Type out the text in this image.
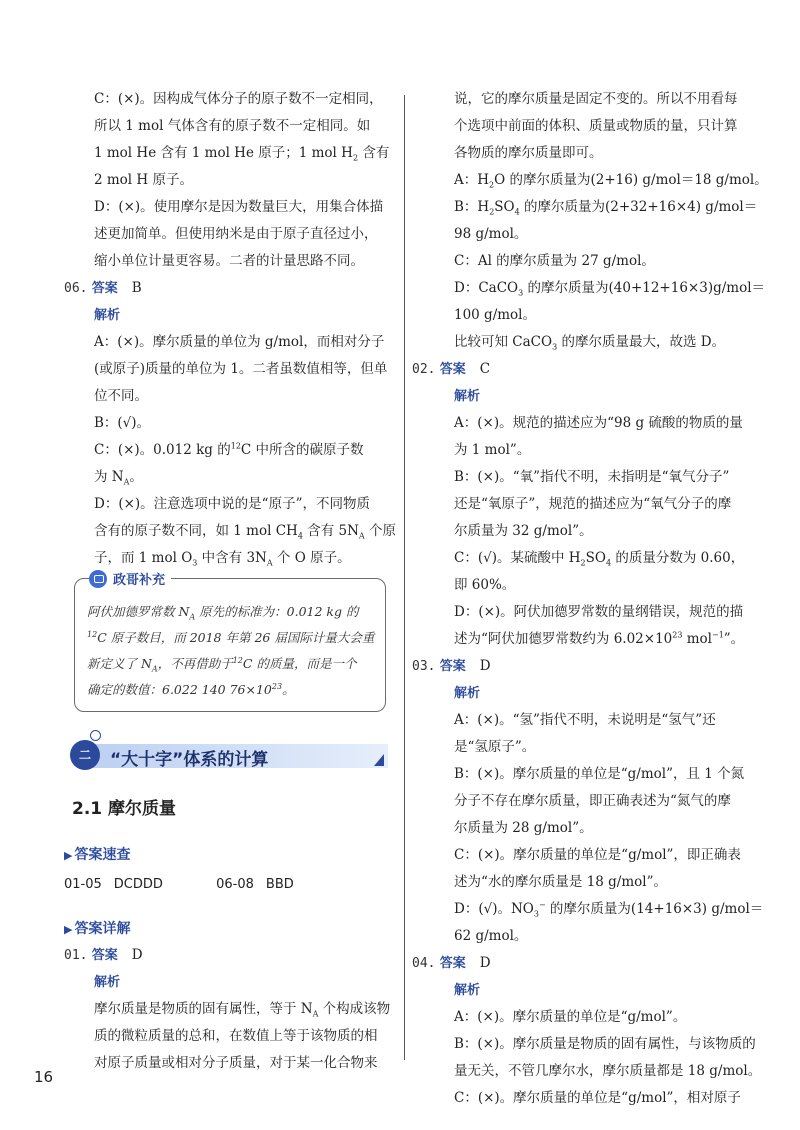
C：(×)。因构成气体分子的原子数不一定相同，
所以 1 mol 气体含有的原子数不一定相同。如
1 mol He 含有 1 mol He 原子；1 mol $H_2$ 含有
2 mol H 原子。
D：(×)。使用摩尔是因为数量巨大，用集合体描
述更加简单。但使用纳米是由于原子直径过小，
缩小单位计量更容易。二者的计量思路不同。
06. 答案 B
解析
A：(×)。摩尔质量的单位为 g/mol，而相对分子
(或原子)质量的单位为 1。二者虽数值相等，但单
位不同。
B：(√)。
C：(×)。0.012 kg 的$^{12}$C 中所含的碳原子数
为 $N_A$。
D：(×)。注意选项中说的是“原子”，不同物质
含有的原子数不同，如 1 mol $CH_4$ 含有 $5N_A$ 个原
子，而 1 mol $O_3$ 中含有 $3N_A$ 个 O 原子。
政哥补充
阿伏加德罗常数 $N_A$ 原先的标准为：0.012 kg 的
$^{12}$C 原子数目，而 2018 年第 26 届国际计量大会重
新定义了 $N_A$，不再借助于$^{12}$C 的质量，而是一个
确定的数值：6.022 140 $76\times 10^{23}$。
二	“大十字”体系的计算
2.1 摩尔质量
▶ 答案速查
01-05 DCDDD	06-08 BBD
▶ 答案详解
01. 答案 D
解析
摩尔质量是物质的固有属性，等于 $N_A$ 个构成该物
质的微粒质量的总和，在数值上等于该物质的相
对原子质量或相对分子质量，对于某一化合物来
说，它的摩尔质量是固定不变的。所以不用看每
个选项中前面的体积、质量或物质的量，只计算
各物质的摩尔质量即可。
A：$H_2O$ 的摩尔质量为(2+16) g/mol＝18 g/mol。
B：$H_2SO_4$ 的摩尔质量为(2+32+16×4) g/mol＝
98 g/mol。
C：Al 的摩尔质量为 27 g/mol。
D：CaCO$_3$ 的摩尔质量为(40+12+16×3)g/mol＝
100 g/mol。
比较可知 CaCO$_3$ 的摩尔质量最大，故选 D。
02. 答案 C
解析
A：(×)。规范的描述应为“98 g 硫酸的物质的量
为 1 mol”。
B：(×)。“氧”指代不明，未指明是“氧气分子”
还是“氧原子”，规范的描述应为“氧气分子的摩
尔质量为 32 g/mol”。
C：(√)。某硫酸中 $H_2SO_4$ 的质量分数为 0.60，
即 60%。
D：(×)。阿伏加德罗常数的量纲错误，规范的描
述为“阿伏加德罗常数约为 $6.02\times 10^{23}$ mol$^{-1}$”。
03. 答案 D
解析
A：(×)。“氢”指代不明，未说明是“氢气”还
是“氢原子”。
B：(×)。摩尔质量的单位是“g/mol”，且 1 个氮
分子不存在摩尔质量，即正确表述为“氮气的摩
尔质量为 28 g/mol”。
C：(×)。摩尔质量的单位是“g/mol”，即正确表
述为“水的摩尔质量是 18 g/mol”。
D：(√)。$NO_3^-$ 的摩尔质量为(14+16×3) g/mol＝
62 g/mol。
04. 答案 D
解析
A：(×)。摩尔质量的单位是“g/mol”。
B：(×)。摩尔质量是物质的固有属性，与该物质的
量无关，不管几摩尔水，摩尔质量都是 18 g/mol。
C：(×)。摩尔质量的单位是“g/mol”，相对原子
16
